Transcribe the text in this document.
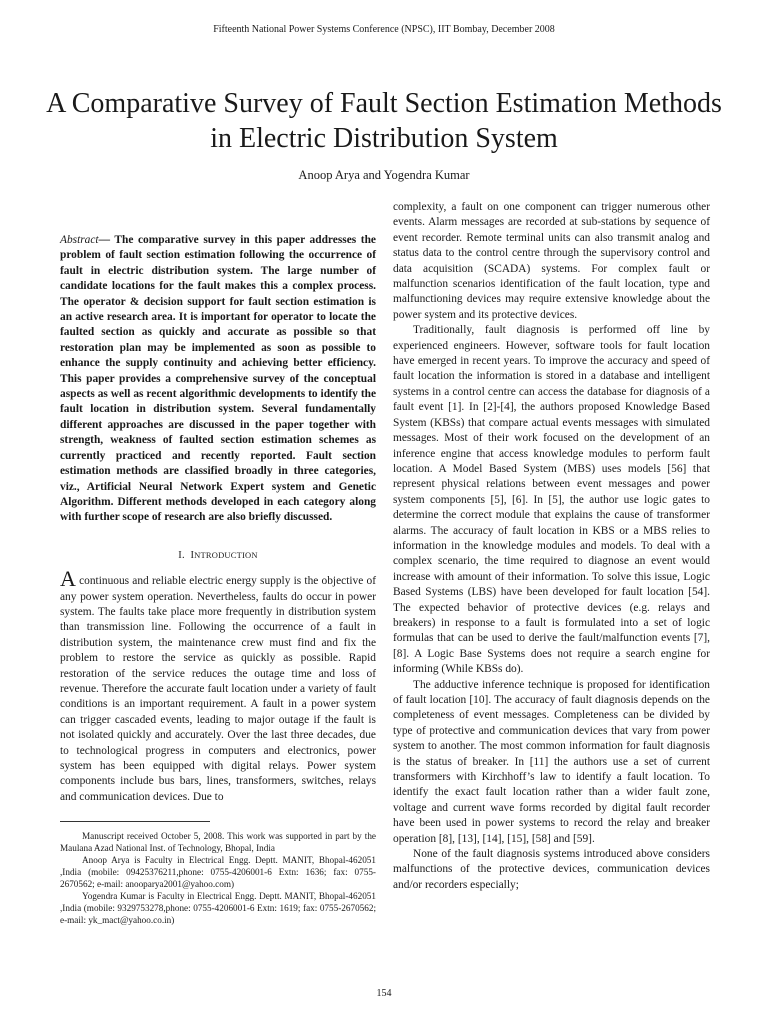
Fifteenth National Power Systems Conference (NPSC), IIT Bombay, December 2008
A Comparative Survey of Fault Section Estimation Methods in Electric Distribution System
Anoop Arya and Yogendra Kumar

Abstract— The comparative survey in this paper addresses the problem of fault section estimation following the occurrence of fault in electric distribution system. The large number of candidate locations for the fault makes this a complex process. The operator & decision support for fault section estimation is an active research area. It is important for operator to locate the faulted section as quickly and accurate as possible so that restoration plan may be implemented as soon as possible to enhance the supply continuity and achieving better efficiency. This paper provides a comprehensive survey of the conceptual aspects as well as recent algorithmic developments to identify the fault location in distribution system. Several fundamentally different approaches are discussed in the paper together with strength, weakness of faulted section estimation schemes as currently practiced and recently reported. Fault section estimation methods are classified broadly in three categories, viz., Artificial Neural Network Expert system and Genetic Algorithm. Different methods developed in each category along with further scope of research are also briefly discussed.

I. INTRODUCTION

A continuous and reliable electric energy supply is the objective of any power system operation. Nevertheless, faults do occur in power system. The faults take place more frequently in distribution system than transmission line. Following the occurrence of a fault in distribution system, the maintenance crew must find and fix the problem to restore the service as quickly as possible. Rapid restoration of the service reduces the outage time and loss of revenue. Therefore the accurate fault location under a variety of fault conditions is an important requirement. A fault in a power system can trigger cascaded events, leading to major outage if the fault is not isolated quickly and accurately. Over the last three decades, due to technological progress in computers and electronics, power system has been equipped with digital relays. Power system components include bus bars, lines, transformers, switches, relays and communication devices. Due to

Manuscript received October 5, 2008. This work was supported in part by the Maulana Azad National Inst. of Technology, Bhopal, India

Anoop Arya is Faculty in Electrical Engg. Deptt. MANIT, Bhopal-462051 ,India (mobile: 09425376211,phone: 0755-4206001-6 Extn: 1636; fax: 0755-2670562; e-mail: anooparya2001@yahoo.com)

Yogendra Kumar is Faculty in Electrical Engg. Deptt. MANIT, Bhopal-462051 ,India (mobile: 9329753278,phone: 0755-4206001-6 Extn: 1619; fax: 0755-2670562; e-mail: yk_mact@yahoo.co.in)

complexity, a fault on one component can trigger numerous other events. Alarm messages are recorded at sub-stations by sequence of event recorder. Remote terminal units can also transmit analog and status data to the control centre through the supervisory control and data acquisition (SCADA) systems. For complex fault or malfunction scenarios identification of the fault location, type and malfunctioning devices may require extensive knowledge about the power system and its protective devices.

Traditionally, fault diagnosis is performed off line by experienced engineers. However, software tools for fault location have emerged in recent years. To improve the accuracy and speed of fault location the information is stored in a database and intelligent systems in a control centre can access the database for diagnosis of a fault event [1]. In [2]-[4], the authors proposed Knowledge Based System (KBSs) that compare actual events messages with simulated messages. Most of their work focused on the development of an inference engine that access knowledge modules to perform fault location. A Model Based System (MBS) uses models [56] that represent physical relations between event messages and power system components [5], [6]. In [5], the author use logic gates to determine the correct module that explains the cause of transformer alarms. The accuracy of fault location in KBS or a MBS relies to information in the knowledge modules and models. To deal with a complex scenario, the time required to diagnose an event would increase with amount of their information. To solve this issue, Logic Based Systems (LBS) have been developed for fault location [54]. The expected behavior of protective devices (e.g. relays and breakers) in response to a fault is formulated into a set of logic formulas that can be used to derive the fault/malfunction events [7], [8]. A Logic Base Systems does not require a search engine for informing (While KBSs do).

The adductive inference technique is proposed for identification of fault location [10]. The accuracy of fault diagnosis depends on the completeness of event messages. Completeness can be divided by type of protective and communication devices that vary from power system to another. The most common information for fault diagnosis is the status of breaker. In [11] the authors use a set of current transformers with Kirchhoff’s law to identify a fault location. To identify the exact fault location rather than a wider fault zone, voltage and current wave forms recorded by digital fault recorder have been used in power systems to record the relay and breaker operation [8], [13], [14], [15], [58] and [59].

None of the fault diagnosis systems introduced above considers malfunctions of the protective devices, communication devices and/or recorders especially;

154
